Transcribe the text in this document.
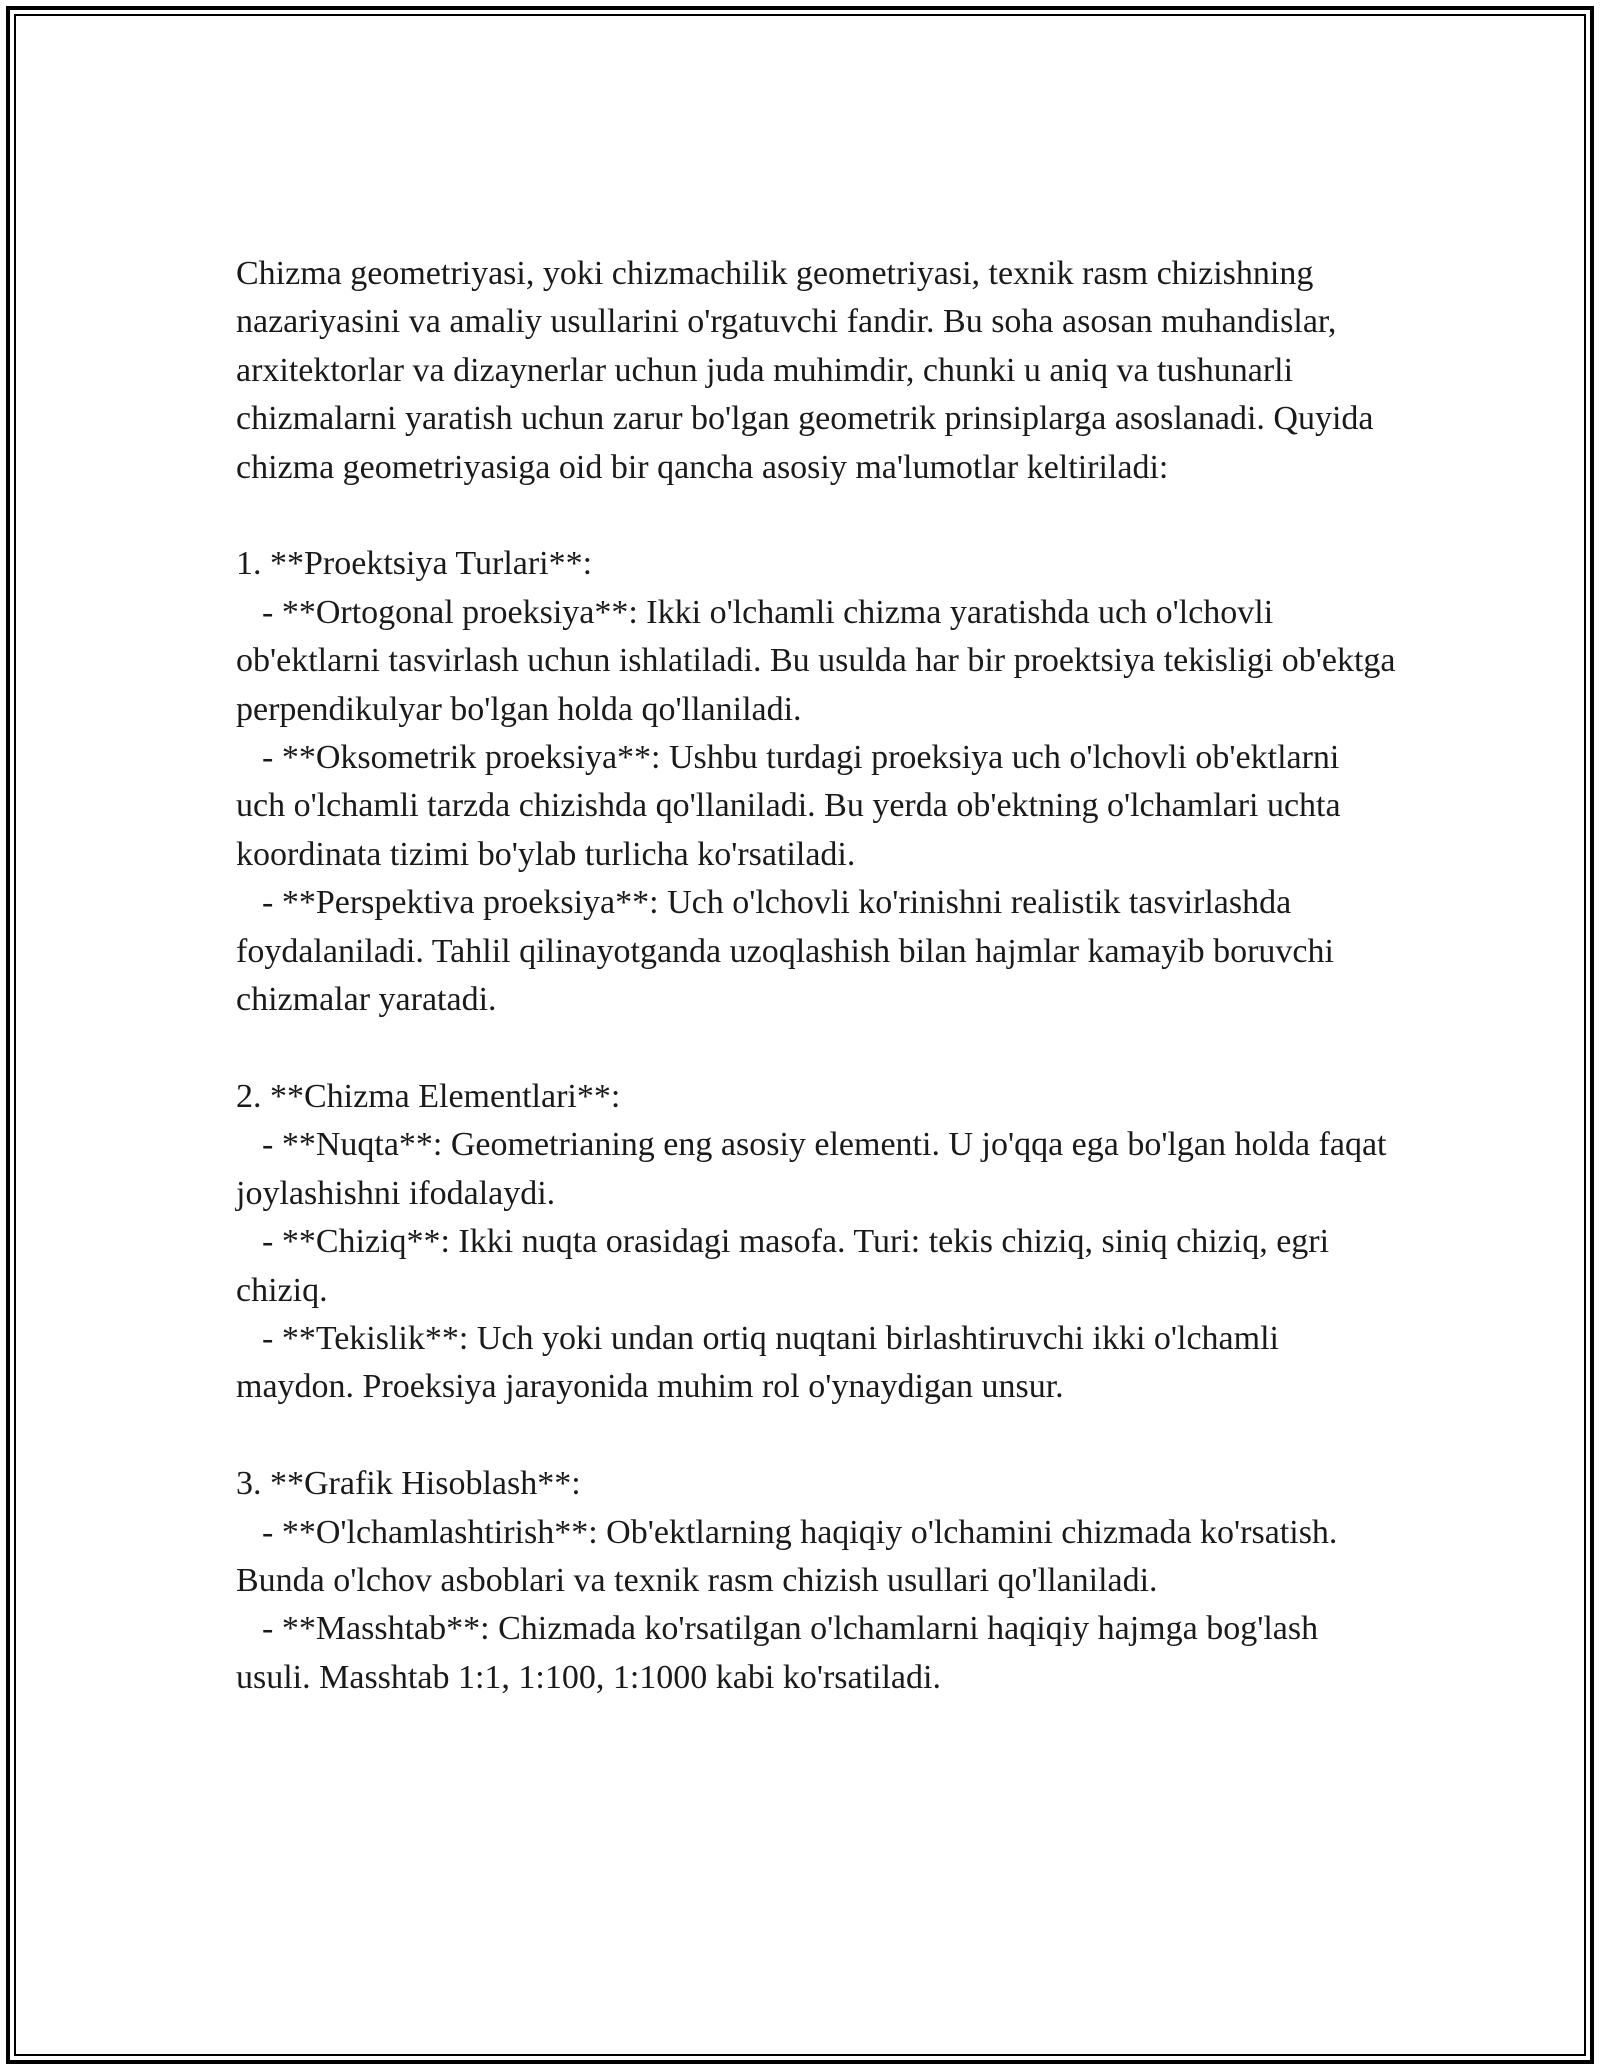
Chizma geometriyasi, yoki chizmachilik geometriyasi, texnik rasm chizishning nazariyasini va amaliy usullarini o'rgatuvchi fandir. Bu soha asosan muhandislar, arxitektorlar va dizaynerlar uchun juda muhimdir, chunki u aniq va tushunarli chizmalarni yaratish uchun zarur bo'lgan geometrik prinsiplarga asoslanadi. Quyida chizma geometriyasiga oid bir qancha asosiy ma'lumotlar keltiriladi:

1. **Proektsiya Turlari**:

- **Ortogonal proeksiya**: Ikki o'lchamli chizma yaratishda uch o'lchovli ob'ektlarni tasvirlash uchun ishlatiladi. Bu usulda har bir proektsiya tekisligi ob'ektga perpendikulyar bo'lgan holda qo'llaniladi.

- **Oksometrik proeksiya**: Ushbu turdagi proeksiya uch o'lchovli ob'ektlarni uch o'lchamli tarzda chizishda qo'llaniladi. Bu yerda ob'ektning o'lchamlari uchta koordinata tizimi bo'ylab turlicha ko'rsatiladi.

- **Perspektiva proeksiya**: Uch o'lchovli ko'rinishni realistik tasvirlashda foydalaniladi. Tahlil qilinayotganda uzoqlashish bilan hajmlar kamayib boruvchi chizmalar yaratadi.

2. **Chizma Elementlari**:

- **Nuqta**: Geometrianing eng asosiy elementi. U jo'qqa ega bo'lgan holda faqat joylashishni ifodalaydi.

- **Chiziq**: Ikki nuqta orasidagi masofa. Turi: tekis chiziq, siniq chiziq, egri chiziq.

- **Tekislik**: Uch yoki undan ortiq nuqtani birlashtiruvchi ikki o'lchamli maydon. Proeksiya jarayonida muhim rol o'ynaydigan unsur.

3. **Grafik Hisoblash**:

- **O'lchamlashtirish**: Ob'ektlarning haqiqiy o'lchamini chizmada ko'rsatish. Bunda o'lchov asboblari va texnik rasm chizish usullari qo'llaniladi.

- **Masshtab**: Chizmada ko'rsatilgan o'lchamlarni haqiqiy hajmga bog'lash usuli. Masshtab 1:1, 1:100, 1:1000 kabi ko'rsatiladi.
